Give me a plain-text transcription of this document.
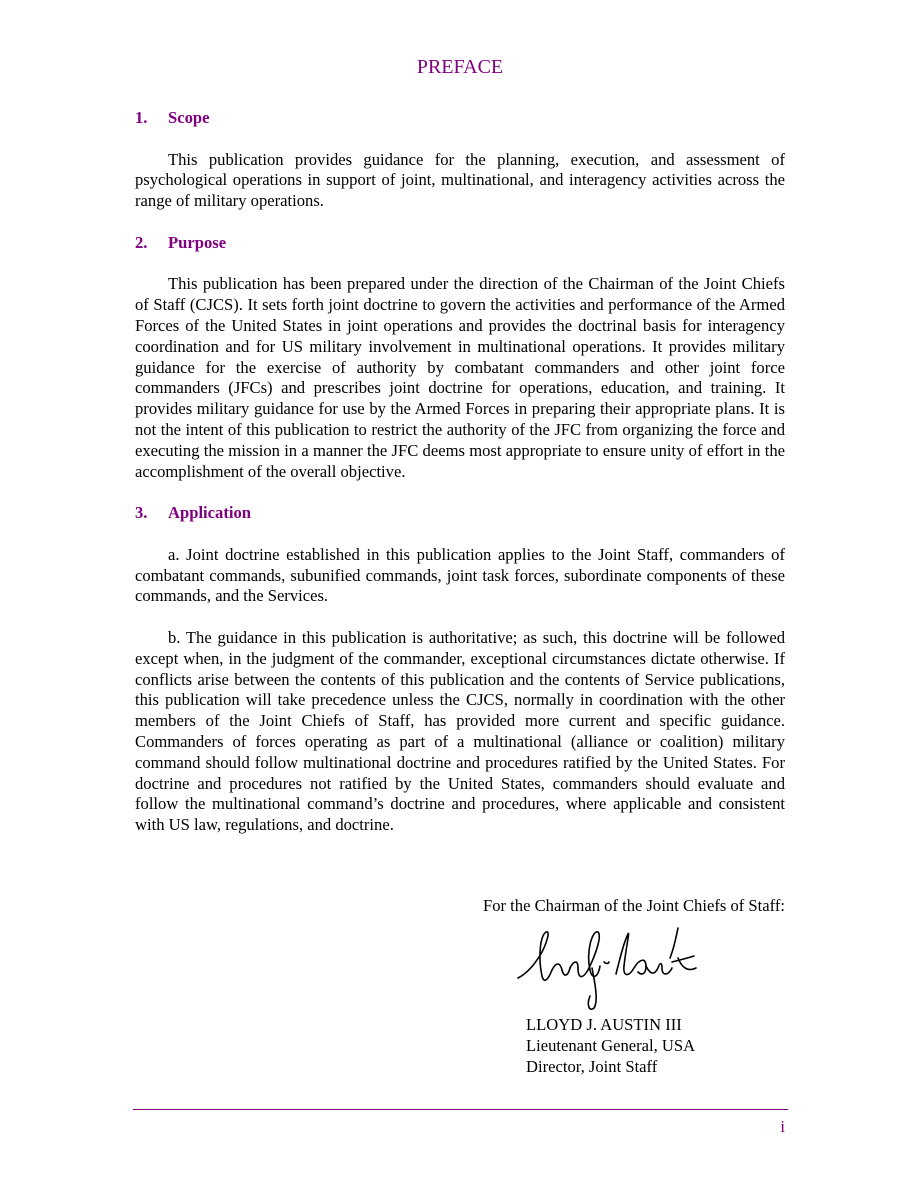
PREFACE
1. Scope

This publication provides guidance for the planning, execution, and assessment of psychological operations in support of joint, multinational, and interagency activities across the range of military operations.

2. Purpose

This publication has been prepared under the direction of the Chairman of the Joint Chiefs of Staff (CJCS). It sets forth joint doctrine to govern the activities and performance of the Armed Forces of the United States in joint operations and provides the doctrinal basis for interagency coordination and for US military involvement in multinational operations. It provides military guidance for the exercise of authority by combatant commanders and other joint force commanders (JFCs) and prescribes joint doctrine for operations, education, and training. It provides military guidance for use by the Armed Forces in preparing their appropriate plans. It is not the intent of this publication to restrict the authority of the JFC from organizing the force and executing the mission in a manner the JFC deems most appropriate to ensure unity of effort in the accomplishment of the overall objective.

3. Application

a. Joint doctrine established in this publication applies to the Joint Staff, commanders of combatant commands, subunified commands, joint task forces, subordinate components of these commands, and the Services.

b. The guidance in this publication is authoritative; as such, this doctrine will be followed except when, in the judgment of the commander, exceptional circumstances dictate otherwise. If conflicts arise between the contents of this publication and the contents of Service publications, this publication will take precedence unless the CJCS, normally in coordination with the other members of the Joint Chiefs of Staff, has provided more current and specific guidance. Commanders of forces operating as part of a multinational (alliance or coalition) military command should follow multinational doctrine and procedures ratified by the United States. For doctrine and procedures not ratified by the United States, commanders should evaluate and follow the multinational command’s doctrine and procedures, where applicable and consistent with US law, regulations, and doctrine.

For the Chairman of the Joint Chiefs of Staff:
LLOYD J. AUSTIN III
Lieutenant General, USA
Director, Joint Staff
i
